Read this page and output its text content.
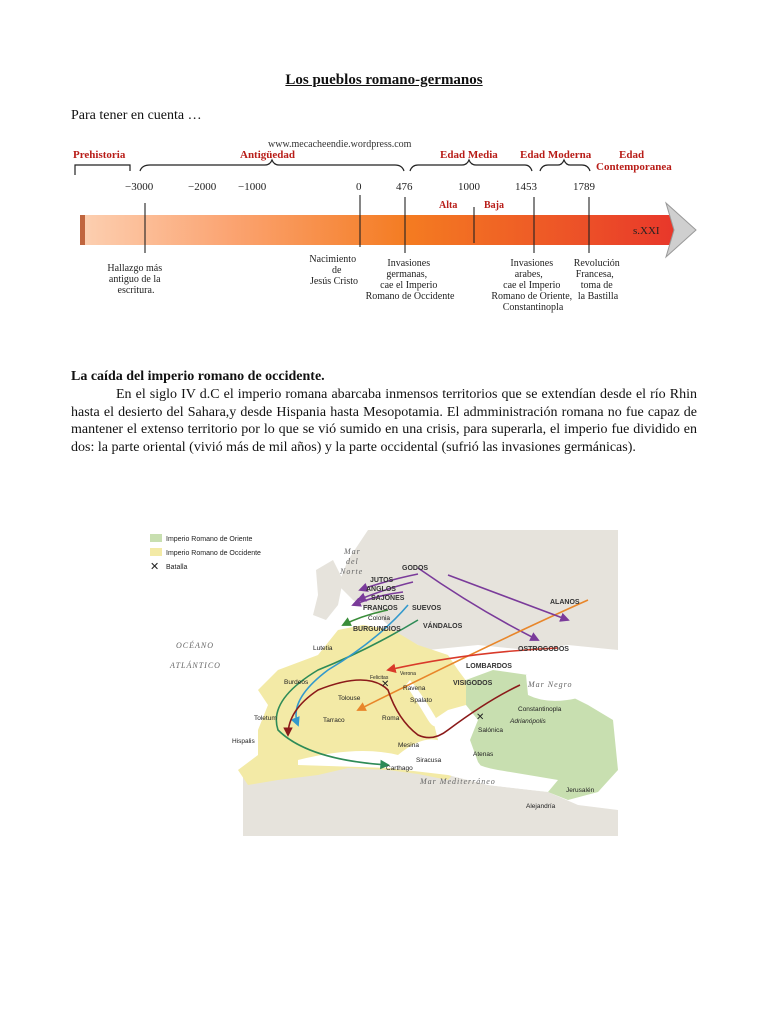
Los pueblos romano-germanos
Para tener en cuenta …
www.mecacheendie.wordpress.com
Prehistoria	Antigüedad	Edad Media Edad Moderna	Edad
Contemporanea
−3000	−2000 −1000	0	476	1000	1453	1789
Alta	Baja
s.XXI
Hallazgo más antiguo de la escritura.
Nacimiento de Jesús Cristo
Invasiones germanas, cae el Imperio Romano de Occidente
Invasiones arabes, cae el Imperio Romano de Oriente, Constantinopla
Revolución Francesa, toma de la Bastilla
La caída del imperio romano de occidente.
En el siglo IV d.C el imperio romana abarcaba inmensos territorios que se extendían desde el río Rhin hasta el desierto del Sahara,y desde Hispania hasta Mesopotamia. El admministración romana no fue capaz de mantener el extenso territorio por lo que se vió sumido en una crisis, para superarla, el imperio fue dividido en dos: la parte oriental (vivió más de mil años) y la parte occidental (sufrió las invasiones germánicas).
Imperio Romano de Oriente
Imperio Romano de Occidente
✕ Batalla
Mar
del
Norte
OCÉANO
ATLÁNTICO
Mar Negro
Mar Mediterráneo
GODOS
JUTOS
ANGLOS
SAJONES
FRANCOS SUEVOS
BURGUNDIOS	VÁNDALOS
ALANOS
OSTROGODOS
LOMBARDOS
VISIGODOS
Colonia
Lutetia
Burdeos
Tolouse
Tarraco
Toletum
Hispalis
Carthago
Roma
Ravena
Spalato
Mesina
Siracusa
Atenas
Salónica
Constantinopla
Adrianópolis
Alejandría
Jerusalén
Felicitas
Verona
✕
✕
